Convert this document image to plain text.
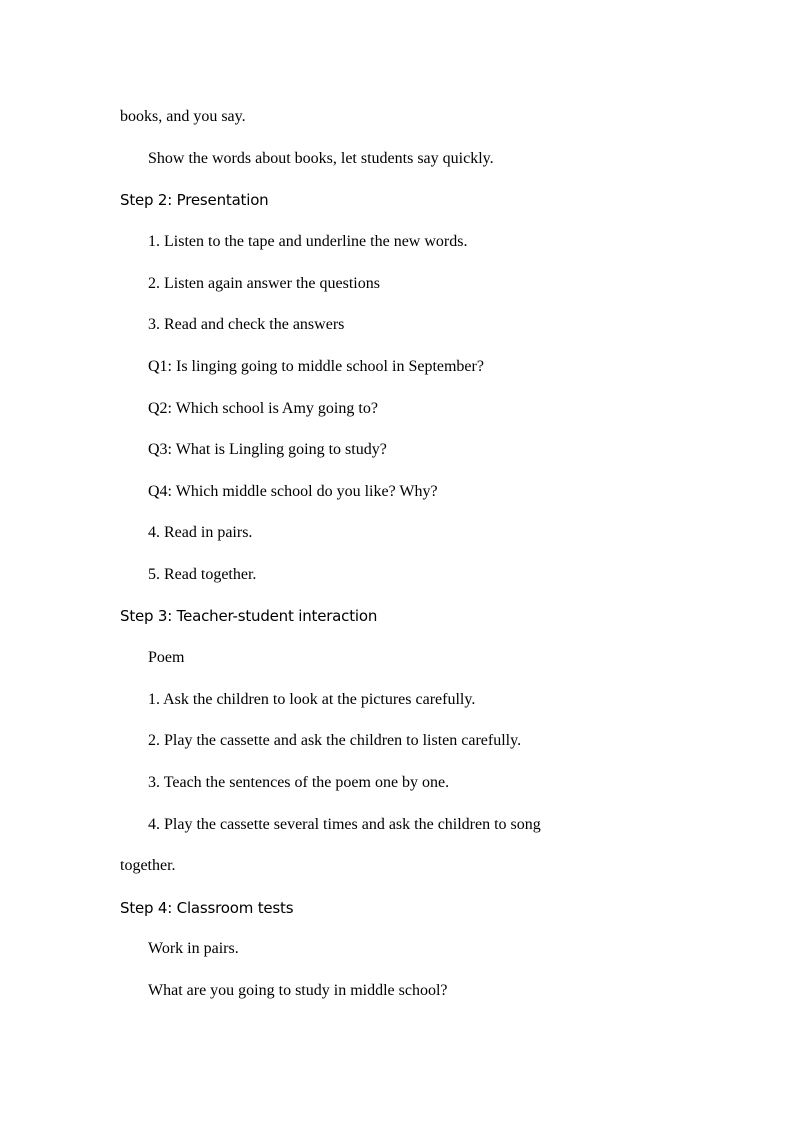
books, and you say.
Show the words about books, let students say quickly.
Step 2: Presentation
1. Listen to the tape and underline the new words.
2. Listen again answer the questions
3. Read and check the answers
Q1: Is linging going to middle school in September?
Q2: Which school is Amy going to?
Q3: What is Lingling going to study?
Q4: Which middle school do you like? Why?
4. Read in pairs.
5. Read together.
Step 3: Teacher-student interaction
Poem
1. Ask the children to look at the pictures carefully.
2. Play the cassette and ask the children to listen carefully.
3. Teach the sentences of the poem one by one.
4. Play the cassette several times and ask the children to song
together.
Step 4: Classroom tests
Work in pairs.
What are you going to study in middle school?
